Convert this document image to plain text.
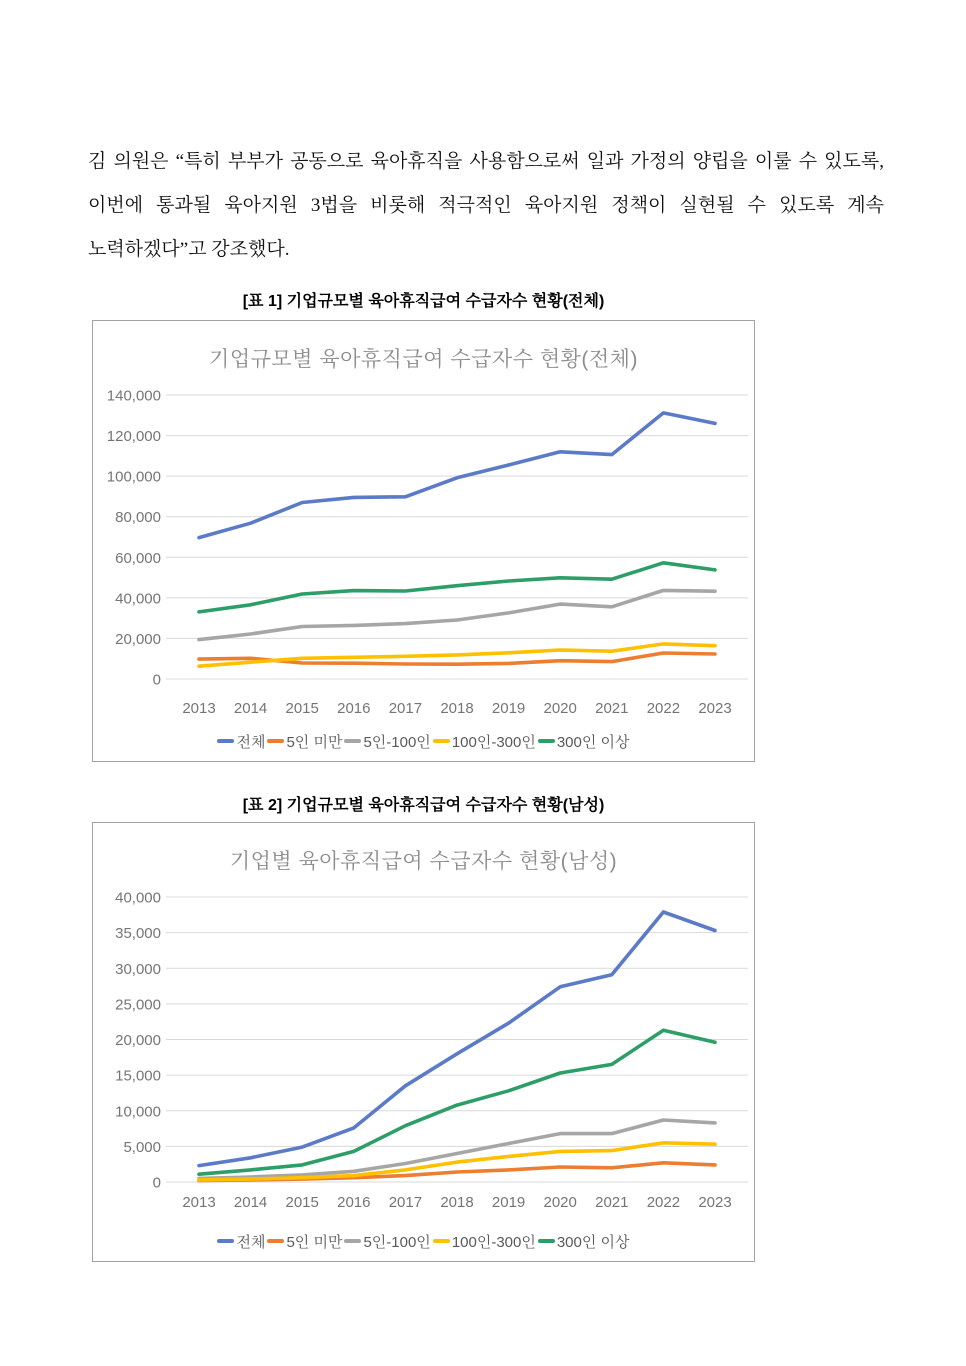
김 의원은 “특히 부부가 공동으로 육아휴직을 사용함으로써 일과 가정의 양립을 이룰 수 있도록, 이번에 통과될 육아지원 3법을 비롯해 적극적인 육아지원 정책이 실현될 수 있도록 계속 노력하겠다”고 강조했다.
[표 1] 기업규모별 육아휴직급여 수급자수 현황(전체)
기업규모별 육아휴직급여 수급자수 현황(전체)
0
20,000
40,000
60,000
80,000
100,000
120,000
140,000
2013 2014 2015 2016 2017 2018 2019 2020 2021 2022 2023
전체 5인 미만 5인-100인 100인-300인 300인 이상
[표 2] 기업규모별 육아휴직급여 수급자수 현황(남성)
기업별 육아휴직급여 수급자수 현황(남성)
0
5,000
10,000
15,000
20,000
25,000
30,000
35,000
40,000
2013 2014 2015 2016 2017 2018 2019 2020 2021 2022 2023
전체 5인 미만 5인-100인 100인-300인 300인 이상
